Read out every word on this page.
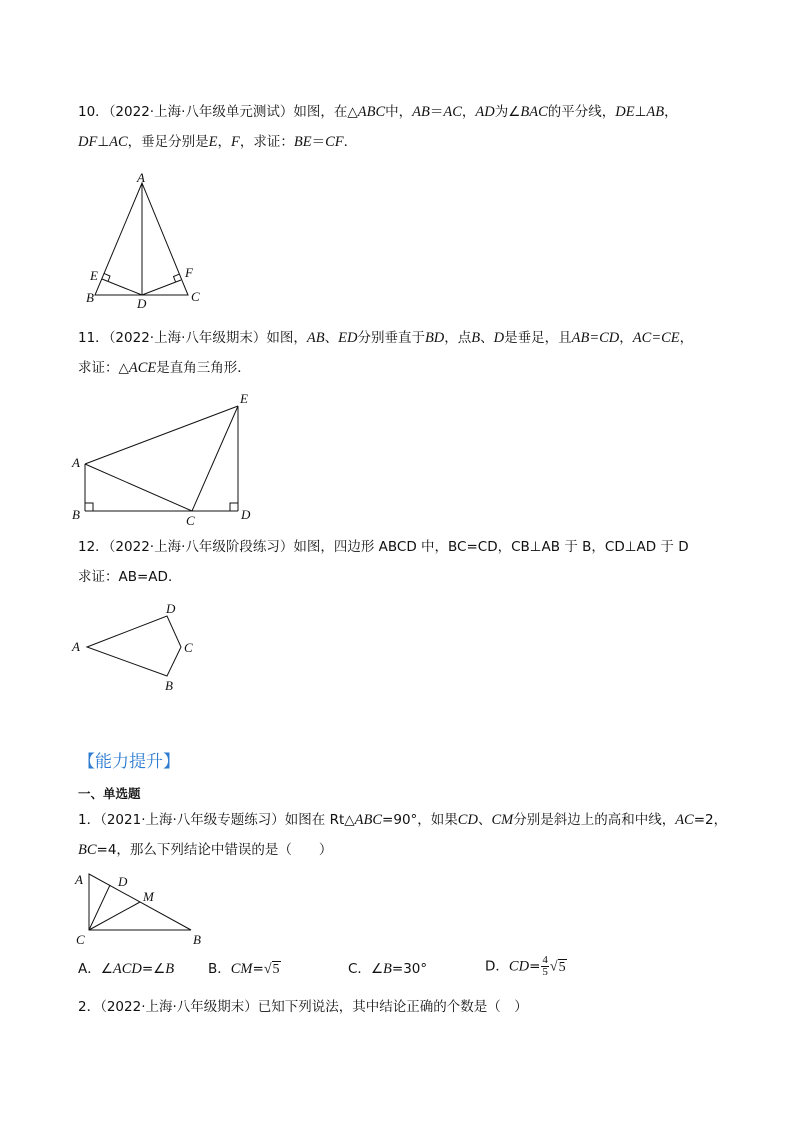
10．（2022·上海·八年级单元测试）如图，在△ABC中，AB＝AC，AD为∠BAC的平分线，DE⊥AB，
DF⊥AC，垂足分别是E，F，求证：BE＝CF．
A
B	C
D
E	F
11．（2022·上海·八年级期末）如图，AB、ED分别垂直于BD，点B、D是垂足，且AB=CD，AC=CE，
求证：△ACE是直角三角形．
A
B	C	D
E
12．（2022·上海·八年级阶段练习）如图，四边形 ABCD 中，BC=CD，CB⊥AB 于 B，CD⊥AD 于 D
求证：AB=AD．
A
B
C
D
【能力提升】
一、单选题
1．（2021·上海·八年级专题练习）如图在 Rt△ABC=90°，如果CD、CM分别是斜边上的高和中线，AC=2，
BC=4，那么下列结论中错误的是（　　）
A
C	B
D
M
A．∠ACD=∠B	B．CM=√5	C．∠B=30°	D．$CD= \frac{4}{5} √5$
2．（2022·上海·八年级期末）已知下列说法，其中结论正确的个数是（　）
